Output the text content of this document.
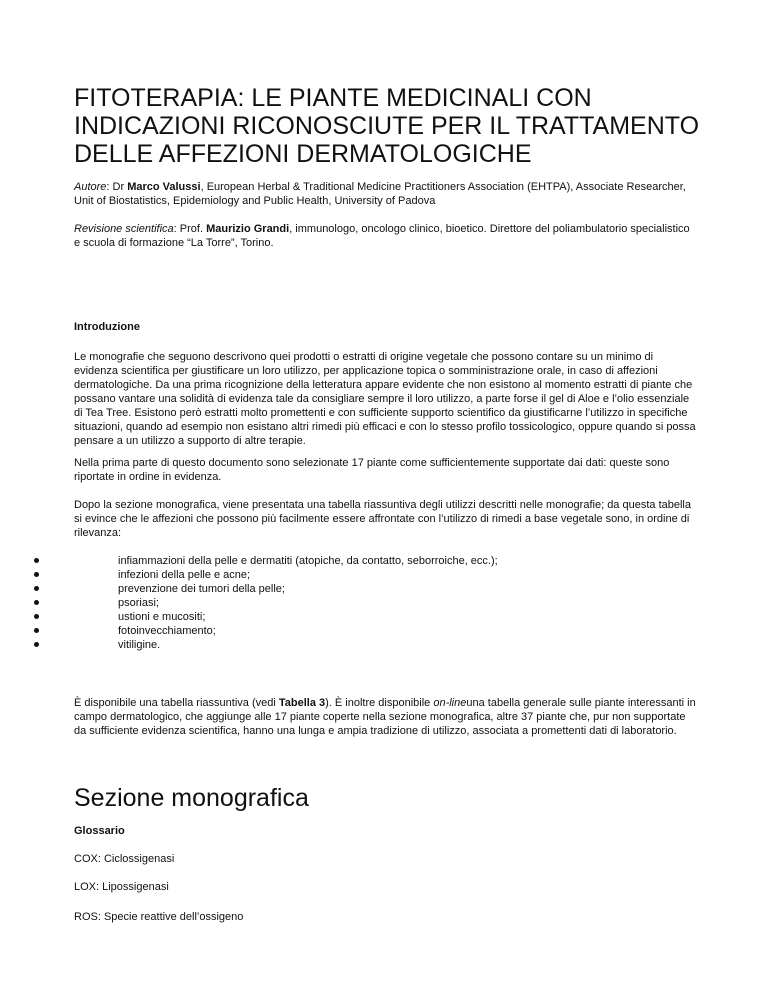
FITOTERAPIA: LE PIANTE MEDICINALI CON
INDICAZIONI RICONOSCIUTE PER IL TRATTAMENTO
DELLE AFFEZIONI DERMATOLOGICHE

Autore: Dr Marco Valussi, European Herbal & Traditional Medicine Practitioners Association (EHTPA), Associate Researcher,
Unit of Biostatistics, Epidemiology and Public Health, University of Padova

Revisione scientifica: Prof. Maurizio Grandi, immunologo, oncologo clinico, bioetico. Direttore del poliambulatorio specialistico
e scuola di formazione “La Torre”, Torino.

Introduzione

Le monografie che seguono descrivono quei prodotti o estratti di origine vegetale che possono contare su un minimo di
evidenza scientifica per giustificare un loro utilizzo, per applicazione topica o somministrazione orale, in caso di affezioni
dermatologiche. Da una prima ricognizione della letteratura appare evidente che non esistono al momento estratti di piante che
possano vantare una solidità di evidenza tale da consigliare sempre il loro utilizzo, a parte forse il gel di Aloe e l’olio essenziale
di Tea Tree. Esistono però estratti molto promettenti e con sufficiente supporto scientifico da giustificarne l’utilizzo in specifiche
situazioni, quando ad esempio non esistano altri rimedi più efficaci e con lo stesso profilo tossicologico, oppure quando si possa
pensare a un utilizzo a supporto di altre terapie.

Nella prima parte di questo documento sono selezionate 17 piante come sufficientemente supportate dai dati: queste sono
riportate in ordine in evidenza.

Dopo la sezione monografica, viene presentata una tabella riassuntiva degli utilizzi descritti nelle monografie; da questa tabella
si evince che le affezioni che possono più facilmente essere affrontate con l’utilizzo di rimedi a base vegetale sono, in ordine di
rilevanza:

infiammazioni della pelle e dermatiti (atopiche, da contatto, seborroiche, ecc.);
infezioni della pelle e acne;
prevenzione dei tumori della pelle;
psoriasi;
ustioni e mucositi;
fotoinvecchiamento;
vitiligine.

È disponibile una tabella riassuntiva (vedi Tabella 3). È inoltre disponibile on-lineuna tabella generale sulle piante interessanti in
campo dermatologico, che aggiunge alle 17 piante coperte nella sezione monografica, altre 37 piante che, pur non supportate
da sufficiente evidenza scientifica, hanno una lunga e ampia tradizione di utilizzo, associata a promettenti dati di laboratorio.

Sezione monografica

Glossario

COX: Ciclossigenasi

LOX: Lipossigenasi

ROS: Specie reattive dell’ossigeno
